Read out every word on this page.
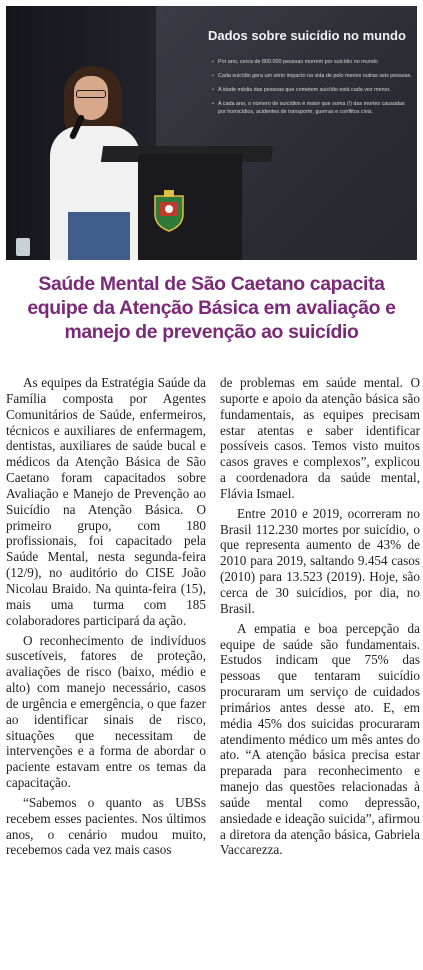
Dados sobre suicídio no mundo
• Por ano, cerca de 800.000 pessoas morrem por suicídio no mundo
• Cada suicídio gera um sério impacto na vida de pelo menos outras seis pessoas.
• A idade média das pessoas que cometem suicídio está cada vez menor.
• A cada ano, o número de suicídios é maior que soma (!) das mortes causadas por homicídios, acidentes de transporte, guerras e conflitos civis.
Saúde Mental de São Caetano capacita equipe da Atenção Básica em avaliação e manejo de prevenção ao suicídio

As equipes da Estratégia Saúde da Família composta por Agentes Comunitários de Saúde, enfermeiros, técnicos e auxiliares de enfermagem, dentistas, auxiliares de saúde bucal e médicos da Atenção Básica de São Caetano foram capacitados sobre Avaliação e Manejo de Prevenção ao Suicídio na Atenção Básica. O primeiro grupo, com 180 profissionais, foi capacitado pela Saúde Mental, nesta segunda-feira (12/9), no auditório do CISE João Nicolau Braido. Na quinta-feira (15), mais uma turma com 185 colaboradores participará da ação.

O reconhecimento de indivíduos suscetíveis, fatores de proteção, avaliações de risco (baixo, médio e alto) com manejo necessário, casos de urgência e emergência, o que fazer ao identificar sinais de risco, situações que necessitam de intervenções e a forma de abordar o paciente estavam entre os temas da capacitação.

“Sabemos o quanto as UBSs recebem esses pacientes. Nos últimos anos, o cenário mudou muito, recebemos cada vez mais casos

de problemas em saúde mental. O suporte e apoio da atenção básica são fundamentais, as equipes precisam estar atentas e saber identificar possíveis casos. Temos visto muitos casos graves e complexos”, explicou a coordenadora da saúde mental, Flávia Ismael.

Entre 2010 e 2019, ocorreram no Brasil 112.230 mortes por suicídio, o que representa aumento de 43% de 2010 para 2019, saltando 9.454 casos (2010) para 13.523 (2019). Hoje, são cerca de 30 suicídios, por dia, no Brasil.

A empatia e boa percepção da equipe de saúde são fundamentais. Estudos indicam que 75% das pessoas que tentaram suicídio procuraram um serviço de cuidados primários antes desse ato. E, em média 45% dos suicidas procuraram atendimento médico um mês antes do ato. “A atenção básica precisa estar preparada para reconhecimento e manejo das questões relacionadas à saúde mental como depressão, ansiedade e ideação suicida”, afirmou a diretora da atenção básica, Gabriela Vaccarezza.
